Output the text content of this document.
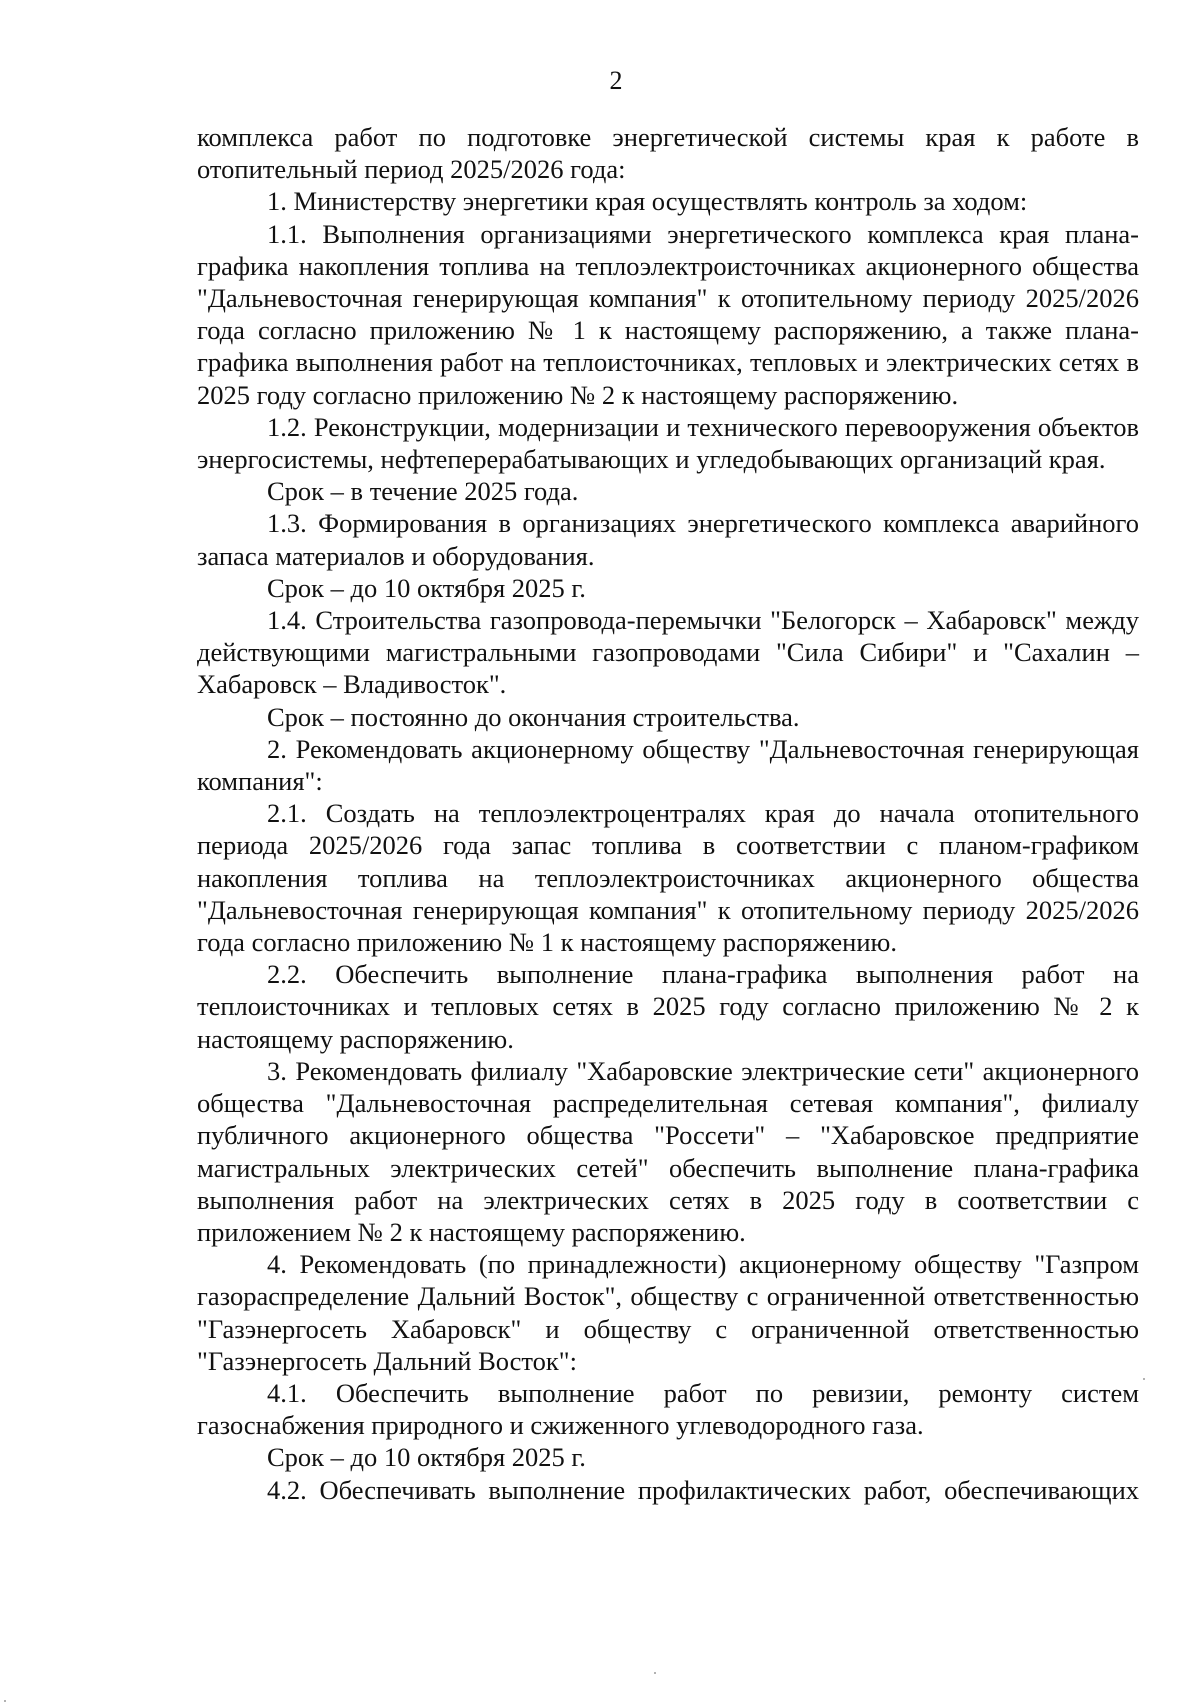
2

комплекса работ по подготовке энергетической системы края к работе в отопительный период 2025/2026 года:

1. Министерству энергетики края осуществлять контроль за ходом:

1.1. Выполнения организациями энергетического комплекса края плана-графика накопления топлива на теплоэлектроисточниках акционерного общества "Дальневосточная генерирующая компания" к отопительному периоду 2025/2026 года согласно приложению № 1 к настоящему распоряжению, а также плана-графика выполнения работ на теплоисточниках, тепловых и электрических сетях в 2025 году согласно приложению № 2 к настоящему распоряжению.

1.2. Реконструкции, модернизации и технического перевооружения объектов энергосистемы, нефтеперерабатывающих и угледобывающих организаций края.

Срок – в течение 2025 года.

1.3. Формирования в организациях энергетического комплекса аварийного запаса материалов и оборудования.

Срок – до 10 октября 2025 г.

1.4. Строительства газопровода-перемычки "Белогорск – Хабаровск" между действующими магистральными газопроводами "Сила Сибири" и "Сахалин – Хабаровск – Владивосток".

Срок – постоянно до окончания строительства.

2. Рекомендовать акционерному обществу "Дальневосточная генерирующая компания":

2.1. Создать на теплоэлектроцентралях края до начала отопительного периода 2025/2026 года запас топлива в соответствии с планом-графиком накопления топлива на теплоэлектроисточниках акционерного общества "Дальневосточная генерирующая компания" к отопительному периоду 2025/2026 года согласно приложению № 1 к настоящему распоряжению.

2.2. Обеспечить выполнение плана-графика выполнения работ на теплоисточниках и тепловых сетях в 2025 году согласно приложению № 2 к настоящему распоряжению.

3. Рекомендовать филиалу "Хабаровские электрические сети" акционерного общества "Дальневосточная распределительная сетевая компания", филиалу публичного акционерного общества "Россети" – "Хабаровское предприятие магистральных электрических сетей" обеспечить выполнение плана-графика выполнения работ на электрических сетях в 2025 году в соответствии с приложением № 2 к настоящему распоряжению.

4. Рекомендовать (по принадлежности) акционерному обществу "Газпром газораспределение Дальний Восток", обществу с ограниченной ответственностью "Газэнергосеть Хабаровск" и обществу с ограниченной ответственностью "Газэнергосеть Дальний Восток":

4.1. Обеспечить выполнение работ по ревизии, ремонту систем газоснабжения природного и сжиженного углеводородного газа.

Срок – до 10 октября 2025 г.

4.2. Обеспечивать выполнение профилактических работ, обеспечивающих
